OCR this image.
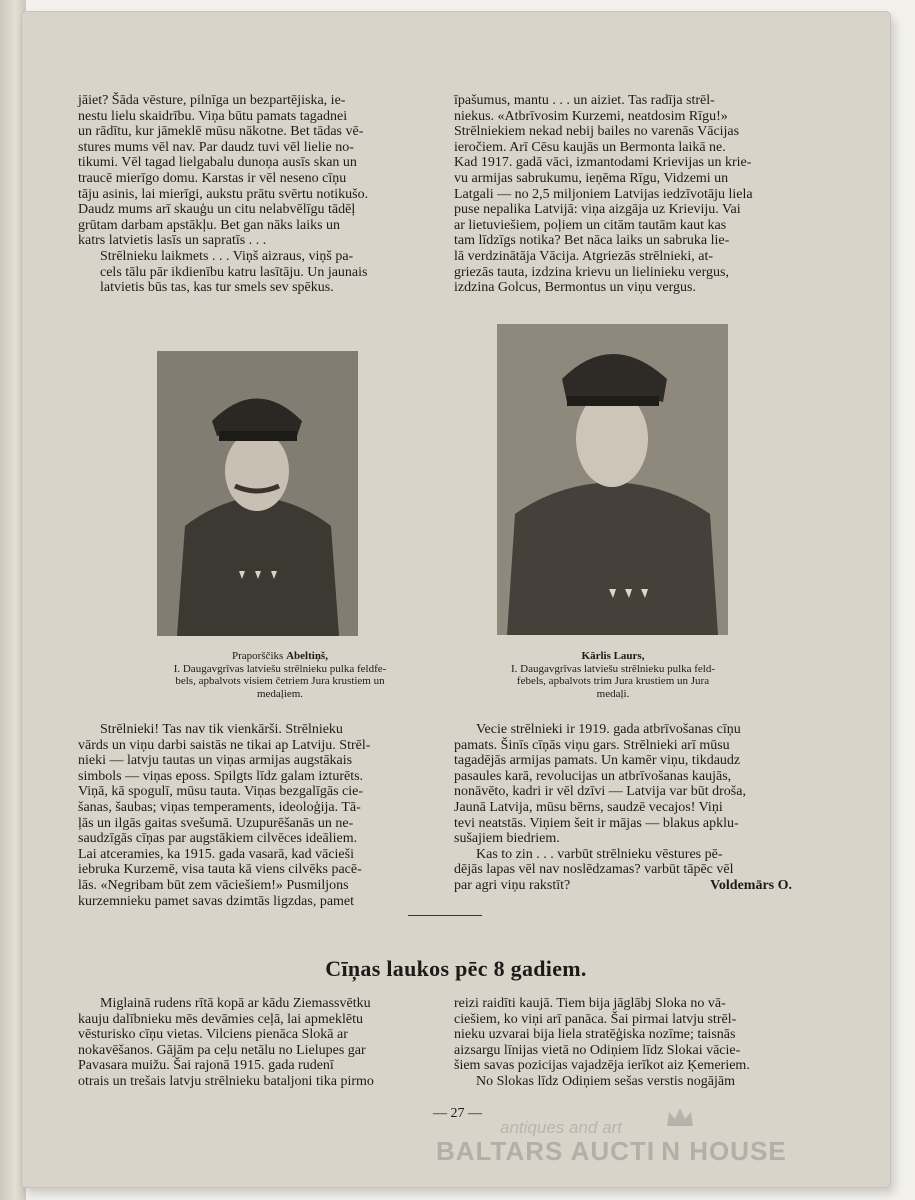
jāiet? Šāda vēsture, pilnīga un bezpartējiska, ie-
nestu lielu skaidrību. Viņa būtu pamats tagadnei
un rādītu, kur jāmeklē mūsu nākotne. Bet tādas vē-
stures mums vēl nav. Par daudz tuvi vēl lielie no-
tikumi. Vēl tagad lielgabalu dunoņa ausīs skan un
traucē mierīgo domu. Karstas ir vēl neseno cīņu
tāju asinis, lai mierīgi, aukstu prātu svērtu notikušo.
Daudz mums arī skauģu un citu nelabvēlīgu tādēļ
grūtam darbam apstākļu. Bet gan nāks laiks un
katrs latvietis lasīs un sapratīs . . .
Strēlnieku laikmets . . . Viņš aizraus, viņš pa-
cels tālu pār ikdienību katru lasītāju. Un jaunais
latvietis būs tas, kas tur smels sev spēkus.
īpašumus, mantu . . . un aiziet. Tas radīja strēl-
niekus. «Atbrīvosim Kurzemi, neatdosim Rīgu!»
Strēlniekiem nekad nebij bailes no varenās Vācijas
ieročiem. Arī Cēsu kaujās un Bermonta laikā ne.
Kad 1917. gadā vāci, izmantodami Krievijas un krie-
vu armijas sabrukumu, ieņēma Rīgu, Vidzemi un
Latgali — no 2,5 miljoniem Latvijas iedzīvotāju liela
puse nepalika Latvijā: viņa aizgāja uz Krieviju. Vai
ar lietuviešiem, poļiem un citām tautām kaut kas
tam līdzīgs notika? Bet nāca laiks un sabruka lie-
lā verdzinātāja Vācija. Atgriezās strēlnieki, at-
griezās tauta, izdzina krievu un lielinieku vergus,
izdzina Golcus, Bermontus un viņu vergus.
Praporščiks Abeltiņš,
I. Daugavgrīvas latviešu strēlnieku pulka feldfe-
bels, apbalvots visiem četriem Jura krustiem un
medaļiem.
Kārlis Laurs,
I. Daugavgrīvas latviešu strēlnieku pulka feld-
febels, apbalvots trim Jura krustiem un Jura
medaļi.
Strēlnieki! Tas nav tik vienkārši. Strēlnieku
vārds un viņu darbi saistās ne tikai ap Latviju. Strēl-
nieki — latvju tautas un viņas armijas augstākais
simbols — viņas eposs. Spilgts līdz galam izturēts.
Viņā, kā spogulī, mūsu tauta. Viņas bezgalīgās cie-
šanas, šaubas; viņas temperaments, ideoloģija. Tā-
ļās un ilgās gaitas svešumā. Uzupurēšanās un ne-
saudzīgās cīņas par augstākiem cilvēces ideāliem.
Lai atceramies, ka 1915. gada vasarā, kad vācieši
iebruka Kurzemē, visa tauta kā viens cilvēks pacē-
lās. «Negribam būt zem vāciešiem!» Pusmiljons
kurzemnieku pamet savas dzimtās ligzdas, pamet
Vecie strēlnieki ir 1919. gada atbrīvošanas cīņu
pamats. Šinīs cīņās viņu gars. Strēlnieki arī mūsu
tagadējās armijas pamats. Un kamēr viņu, tikdaudz
pasaules karā, revolucijas un atbrīvošanas kaujās,
nonāvēto, kadri ir vēl dzīvi — Latvija var būt droša,
Jaunā Latvija, mūsu bērns, saudzē vecajos! Viņi
tevi neatstās. Viņiem šeit ir mājas — blakus apklu-
sušajiem biedriem.
Kas to zin . . . varbūt strēlnieku vēstures pē-
dējās lapas vēl nav noslēdzamas? varbūt tāpēc vēl
par agri viņu rakstīt?	Voldemārs O.
Cīņas laukos pēc 8 gadiem.
Miglainā rudens rītā kopā ar kādu Ziemassvētku
kauju dalībnieku mēs devāmies ceļā, lai apmeklētu
vēsturisko cīņu vietas. Vilciens pienāca Slokā ar
nokavēšanos. Gājām pa ceļu netālu no Lielupes gar
Pavasara muižu. Šai rajonā 1915. gada rudenī
otrais un trešais latvju strēlnieku bataljoni tika pirmo
reizi raidīti kaujā. Tiem bija jāglābj Sloka no vā-
ciešiem, ko viņi arī panāca. Šai pirmai latvju strēl-
nieku uzvarai bija liela stratēģiska nozīme; taisnās
aizsargu līnijas vietā no Odiņiem līdz Slokai vācie-
šiem savas pozicijas vajadzēja ierīkot aiz Ķemeriem.
No Slokas līdz Odiņiem sešas verstis nogājām
— 27 —
antiques and art
BALTARS AUCTI N HOUSE
